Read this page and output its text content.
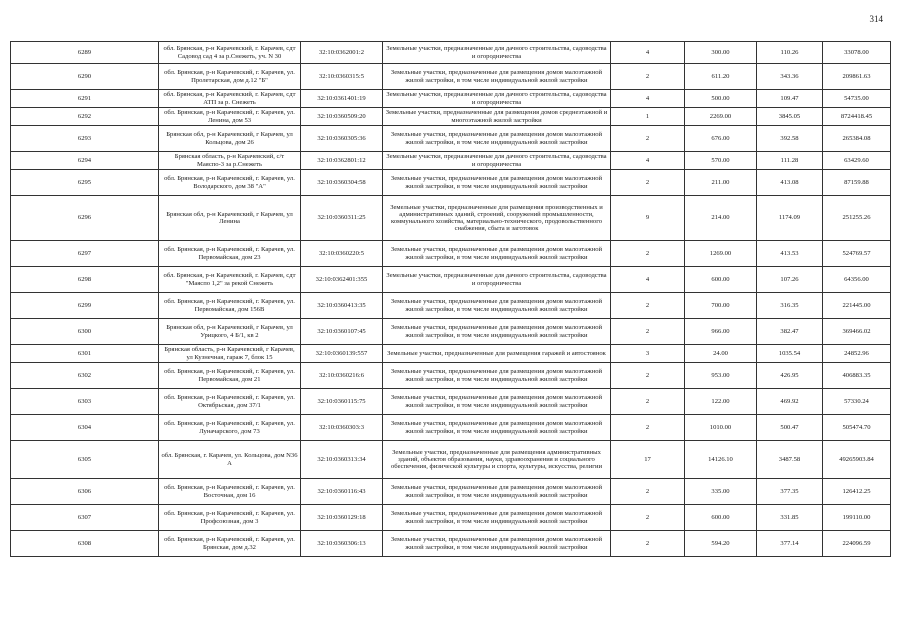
314
6289	обл. Брянская, р-н Карачевский, г. Карачев, сдт Садовод сад 4 за р.Снежеть, уч. N 30	32:10:0362001:2	Земельные участки, предназначенные для дачного строительства, садоводства и огородничества	4	300.00	110.26	33078.00
6290	обл. Брянская, р-н Карачевский, г. Карачев, ул. Пролетарская, дом д.12 "Б"	32:10:0360315:5	Земельные участки, предназначенные для размещения домов малоэтажной жилой застройки, в том числе индивидуальной жилой застройки	2	611.20	343.36	209861.63
6291	обл. Брянская, р-н Карачевский, г. Карачев, сдт АТП за р. Снежеть	32:10:0361401:19	Земельные участки, предназначенные для дачного строительства, садоводства и огородничества	4	500.00	109.47	54735.00
6292	обл. Брянская, р-н Карачевский, г. Карачев, ул. Ленина, дом 53	32:10:0360509:20	Земельные участки, предназначенные для размещения домов среднеэтажной и многоэтажной жилой застройки	1	2269.00	3845.05	8724418.45
6293	Брянская обл, р-н Карачевский, г Карачев, ул Кольцова, дом 26	32:10:0360305:36	Земельные участки, предназначенные для размещения домов малоэтажной жилой застройки, в том числе индивидуальной жилой застройки	2	676.00	392.58	265384.08
6294	Брянская область, р-н Карачевский, с/т Маяспо-3 за р.Снежеть	32:10:0362801:12	Земельные участки, предназначенные для дачного строительства, садоводства и огородничества	4	570.00	111.28	63429.60
6295	обл. Брянская, р-н Карачевский, г. Карачев, ул. Володарского, дом 38 "А"	32:10:0360304:58	Земельные участки, предназначенные для размещения домов малоэтажной жилой застройки, в том числе индивидуальной жилой застройки	2	211.00	413.08	87159.88
6296	Брянская обл, р-н Карачевский, г Карачев, ул Ленина	32:10:0360311:25	Земельные участки, предназначенные для размещения производственных и административных зданий, строений, сооружений промышленности, коммунального хозяйства, материально-технического, продовольственного снабжения, сбыта и заготовок	9	214.00	1174.09	251255.26
6297	обл. Брянская, р-н Карачевский, г. Карачев, ул. Первомайская, дом 23	32:10:0360220:5	Земельные участки, предназначенные для размещения домов малоэтажной жилой застройки, в том числе индивидуальной жилой застройки	2	1269.00	413.53	524769.57
6298	обл. Брянская, р-н Карачевский, г. Карачев, сдт "Маяспо 1,2" за рекой Снежеть	32:10:0362401:355	Земельные участки, предназначенные для дачного строительства, садоводства и огородничества	4	600.00	107.26	64356.00
6299	обл. Брянская, р-н Карачевский, г. Карачев, ул. Первомайская, дом 156В	32:10:0360413:35	Земельные участки, предназначенные для размещения домов малоэтажной жилой застройки, в том числе индивидуальной жилой застройки	2	700.00	316.35	221445.00
6300	Брянская обл, р-н Карачевский, г Карачев, ул Урицкого, 4 Б/1, кв 2	32:10:0360107:45	Земельные участки, предназначенные для размещения домов малоэтажной жилой застройки, в том числе индивидуальной жилой застройки	2	966.00	382.47	369466.02
6301	Брянская область, р-н Карачевский, г Карачев, ул Кузнечная, гараж 7, блок 15	32:10:0360139:557	Земельные участки, предназначенные для размещения гаражей и автостоянок	3	24.00	1035.54	24852.96
6302	обл. Брянская, р-н Карачевский, г. Карачев, ул. Первомайская, дом 21	32:10:0360216:6	Земельные участки, предназначенные для размещения домов малоэтажной жилой застройки, в том числе индивидуальной жилой застройки	2	953.00	426.95	406883.35
6303	обл. Брянская, р-н Карачевский, г. Карачев, ул. Октябрьская, дом 37/1	32:10:0360115:75	Земельные участки, предназначенные для размещения домов малоэтажной жилой застройки, в том числе индивидуальной жилой застройки	2	122.00	469.92	57330.24
6304	обл. Брянская, р-н Карачевский, г. Карачев, ул. Луначарского, дом 73	32:10:0360303:3	Земельные участки, предназначенные для размещения домов малоэтажной жилой застройки, в том числе индивидуальной жилой застройки	2	1010.00	500.47	505474.70
6305	обл. Брянская, г. Карачев, ул. Кольцова, дом N36 А	32:10:0360313:34	Земельные участки, предназначенные для размещения административных зданий, объектов образования, науки, здравоохранения и социального обеспечения, физической культуры и спорта, культуры, искусства, религии	17	14126.10	3487.58	49265903.84
6306	обл. Брянская, р-н Карачевский, г. Карачев, ул. Восточная, дом 16	32:10:0360116:43	Земельные участки, предназначенные для размещения домов малоэтажной жилой застройки, в том числе индивидуальной жилой застройки	2	335.00	377.35	126412.25
6307	обл. Брянская, р-н Карачевский, г. Карачев, ул. Профсоюзная, дом 3	32:10:0360129:18	Земельные участки, предназначенные для размещения домов малоэтажной жилой застройки, в том числе индивидуальной жилой застройки	2	600.00	331.85	199110.00
6308	обл. Брянская, р-н Карачевский, г. Карачев, ул. Брянская, дом д.32	32:10:0360306:13	Земельные участки, предназначенные для размещения домов малоэтажной жилой застройки, в том числе индивидуальной жилой застройки	2	594.20	377.14	224096.59
